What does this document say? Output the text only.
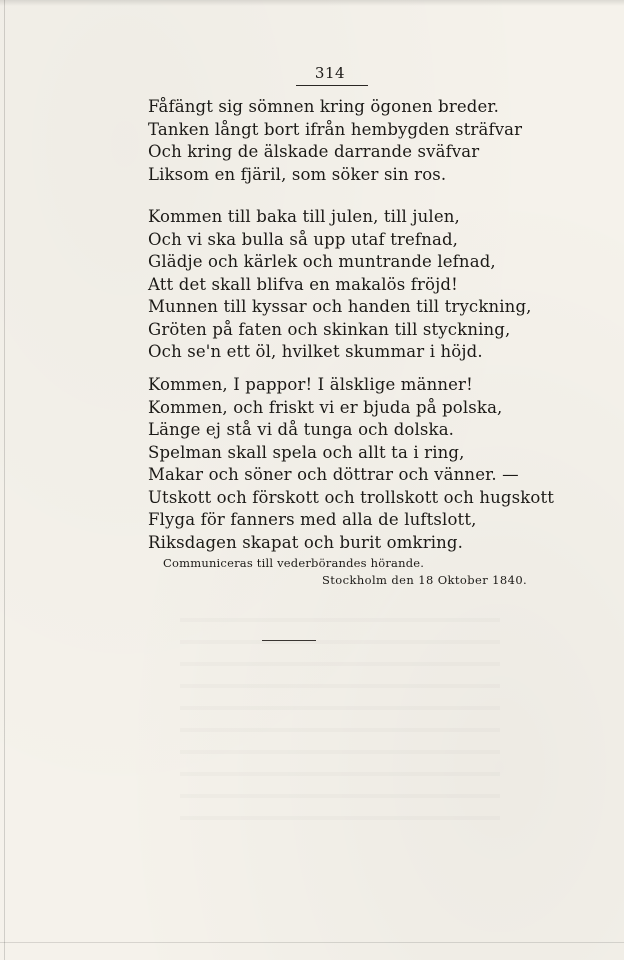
314
Fåfängt sig sömnen kring ögonen breder.
Tanken långt bort ifrån hembygden sträfvar
Och kring de älskade darrande sväfvar
Liksom en fjäril, som söker sin ros.
Kommen till baka till julen, till julen,
Och vi ska bulla så upp utaf trefnad,
Glädje och kärlek och muntrande lefnad,
Att det skall blifva en makalös fröjd!
Munnen till kyssar och handen till tryckning,
Gröten på faten och skinkan till styckning,
Och se'n ett öl, hvilket skummar i höjd.
Kommen, I pappor! I älsklige männer!
Kommen, och friskt vi er bjuda på polska,
Länge ej stå vi då tunga och dolska.
Spelman skall spela och allt ta i ring,
Makar och söner och döttrar och vänner. —
Utskott och förskott och trollskott och hugskott
Flyga för fanners med alla de luftslott,
Riksdagen skapat och burit omkring.
Communiceras till vederbörandes hörande.
Stockholm den 18 Oktober 1840.
